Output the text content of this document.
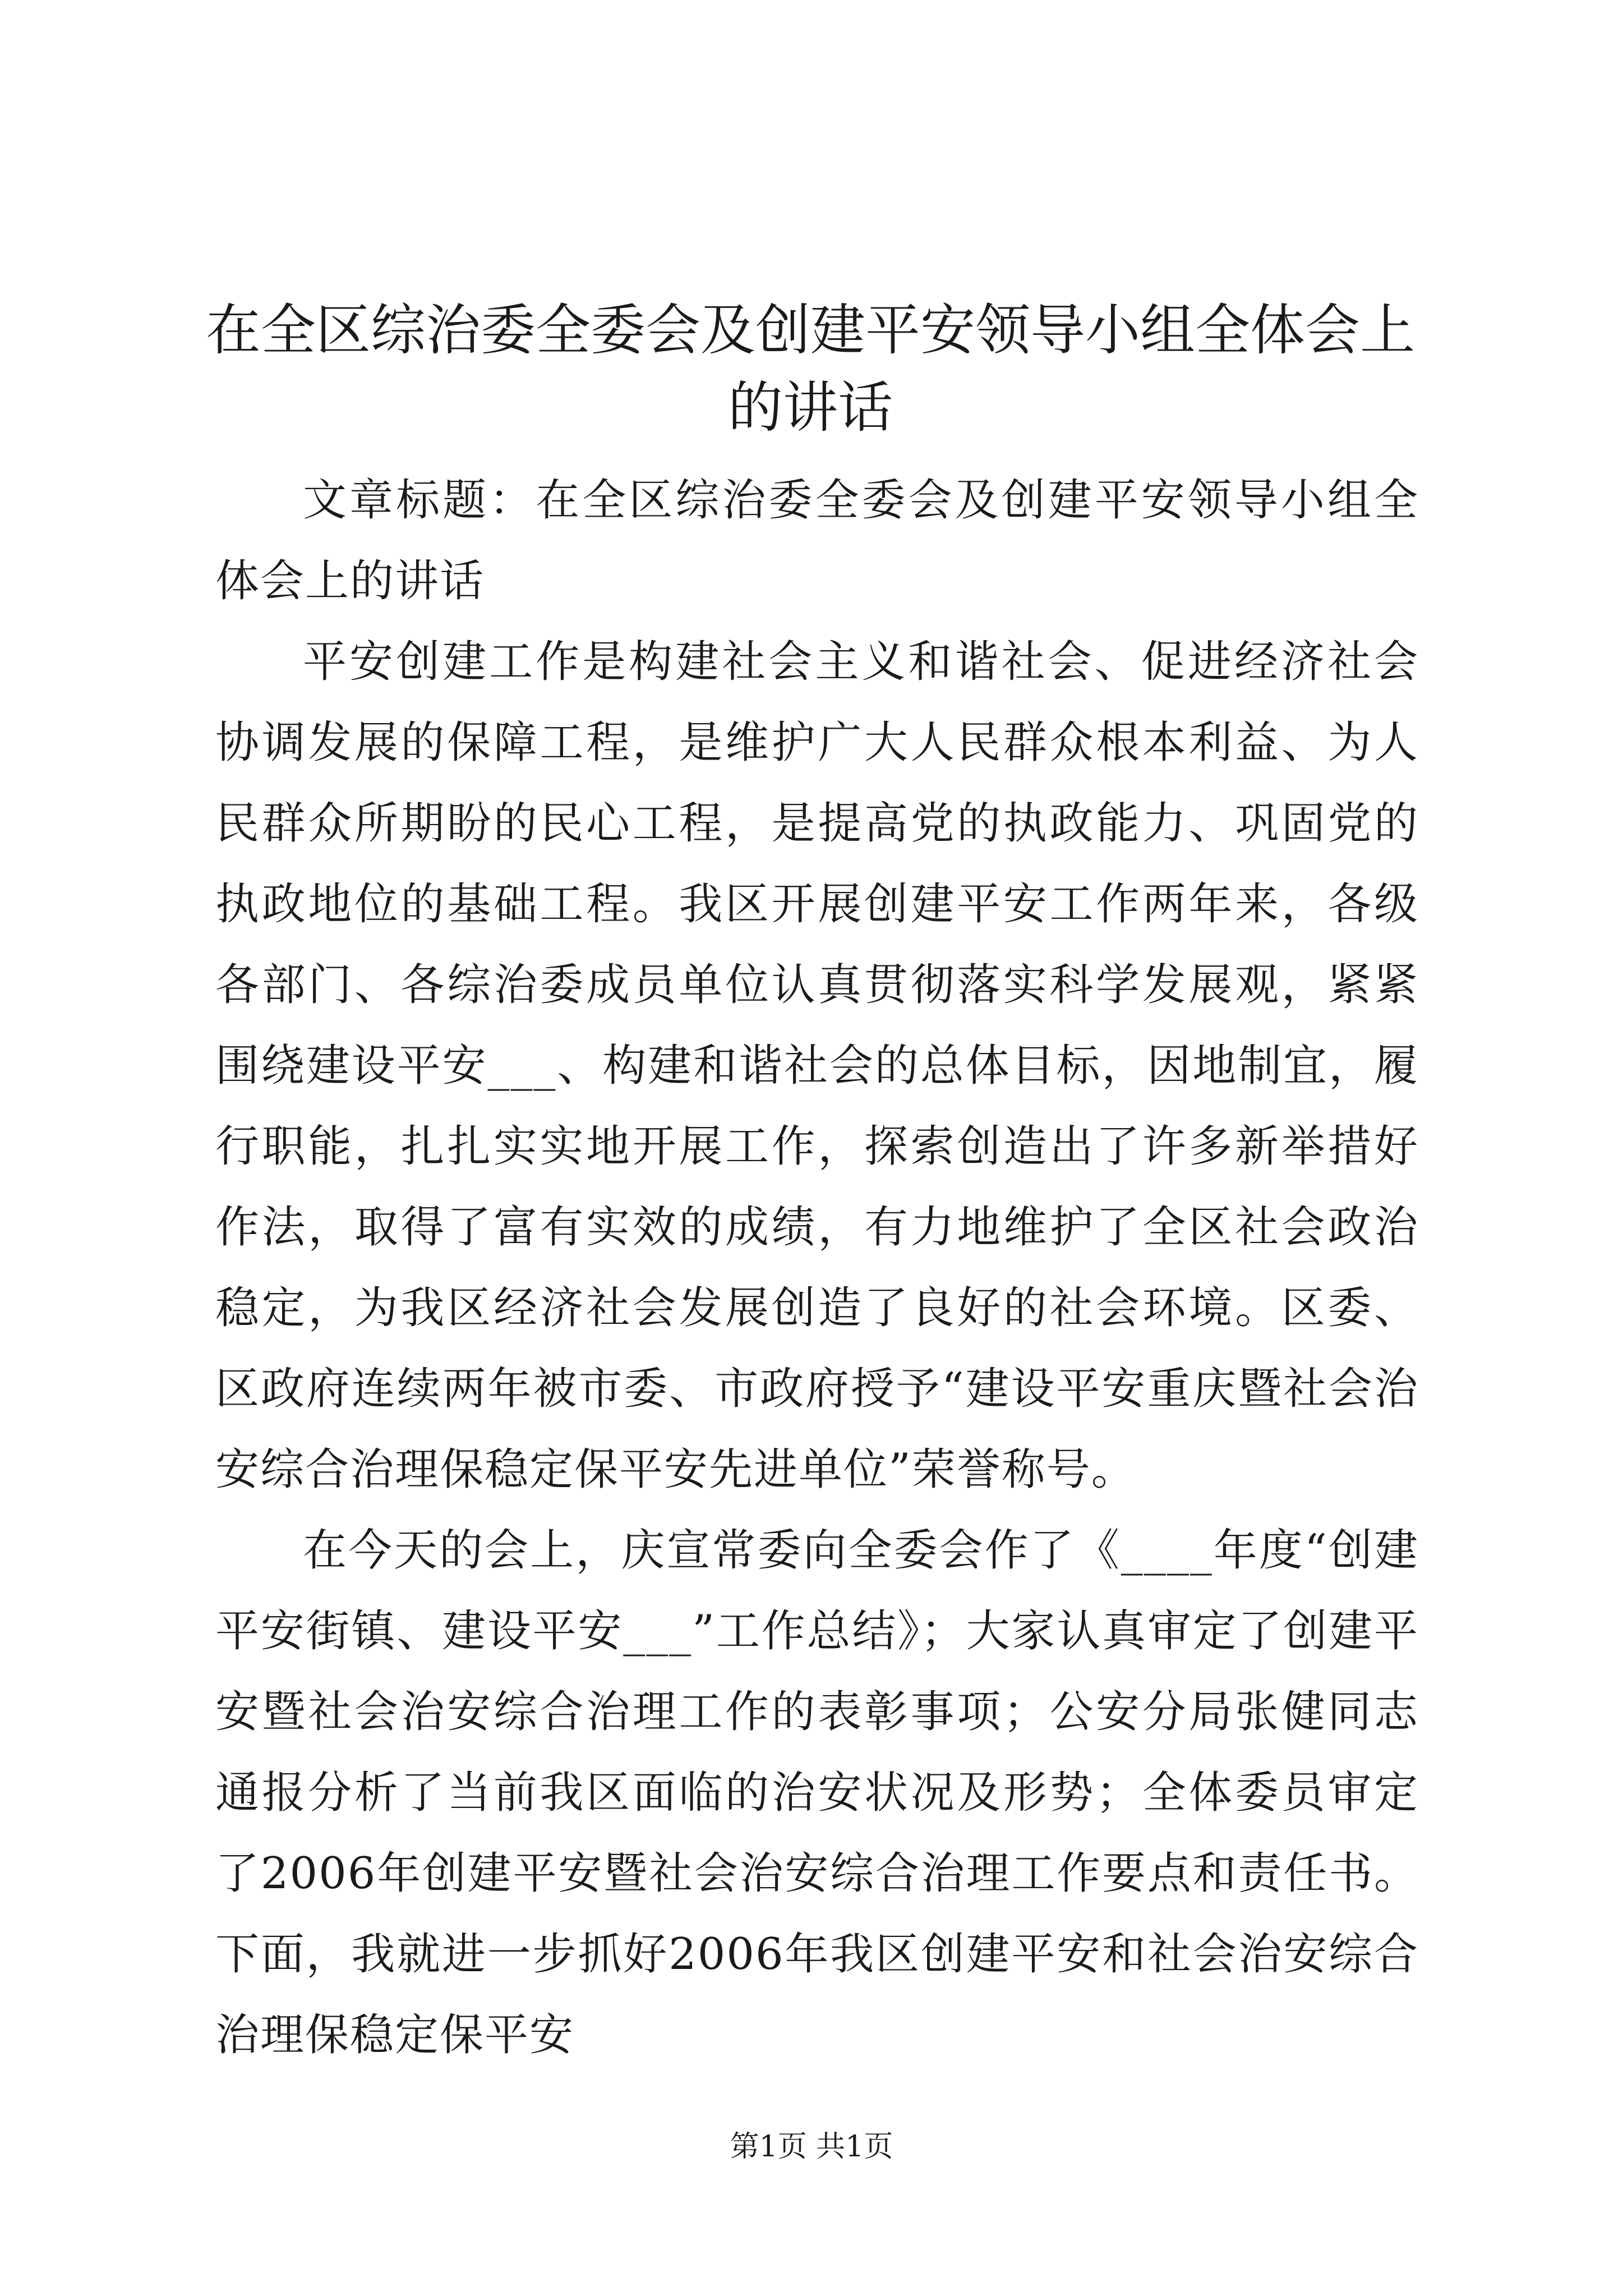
在全区综治委全委会及创建平安领导小组全体会上的讲话

文章标题：在全区综治委全委会及创建平安领导小组全体会上的讲话

平安创建工作是构建社会主义和谐社会、促进经济社会协调发展的保障工程，是维护广大人民群众根本利益、为人民群众所期盼的民心工程，是提高党的执政能力、巩固党的执政地位的基础工程。我区开展创建平安工作两年来，各级各部门、各综治委成员单位认真贯彻落实科学发展观，紧紧围绕建设平安___、构建和谐社会的总体目标，因地制宜，履行职能，扎扎实实地开展工作，探索创造出了许多新举措好作法，取得了富有实效的成绩，有力地维护了全区社会政治稳定，为我区经济社会发展创造了良好的社会环境。区委、区政府连续两年被市委、市政府授予“建设平安重庆暨社会治安综合治理保稳定保平安先进单位”荣誉称号。

在今天的会上，庆宣常委向全委会作了《____年度“创建平安街镇、建设平安___”工作总结》；大家认真审定了创建平安暨社会治安综合治理工作的表彰事项；公安分局张健同志通报分析了当前我区面临的治安状况及形势；全体委员审定了2006年创建平安暨社会治安综合治理工作要点和责任书。下面，我就进一步抓好2006年我区创建平安和社会治安综合治理保稳定保平安

第1页 共1页
